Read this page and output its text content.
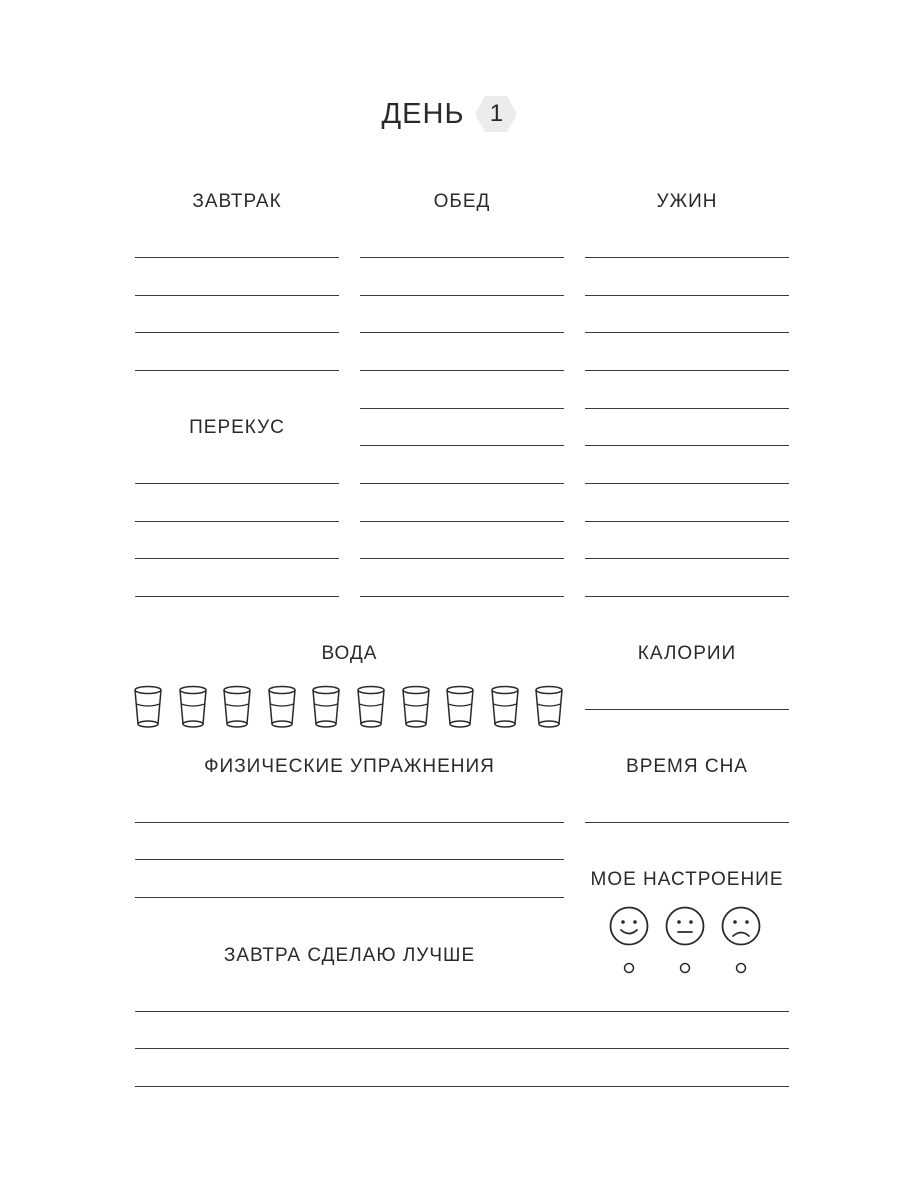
ДЕНЬ	1
ЗАВТРАК	ОБЕД	УЖИН
ПЕРЕКУС
ВОДА	КАЛОРИИ
ФИЗИЧЕСКИЕ УПРАЖНЕНИЯ	ВРЕМЯ СНА
МОЕ НАСТРОЕНИЕ
ЗАВТРА СДЕЛАЮ ЛУЧШЕ
